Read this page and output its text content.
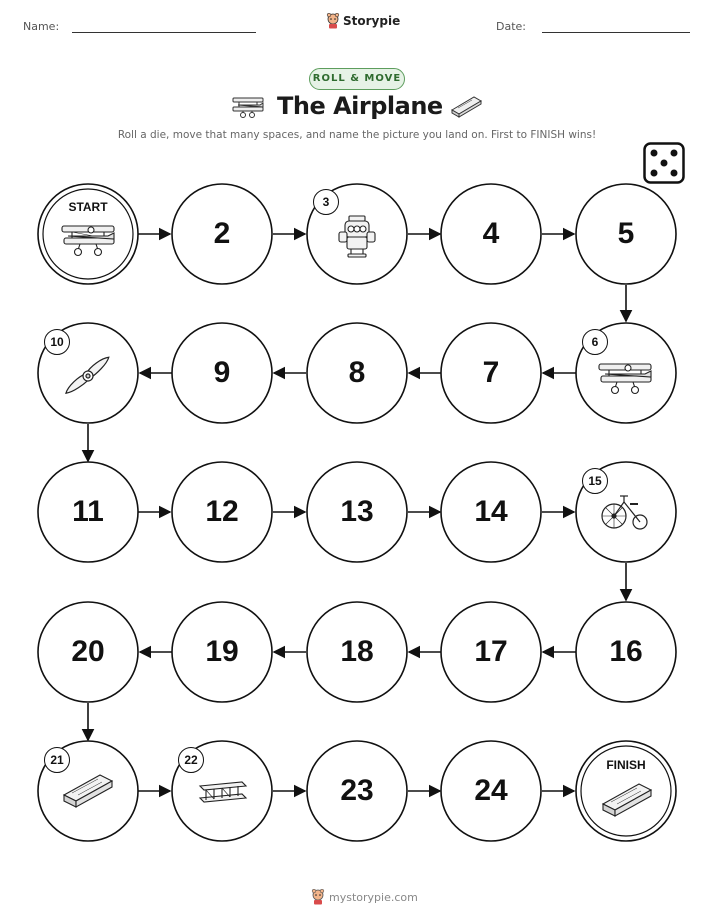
Name:	Storypie	Date:
ROLL & MOVE
The Airplane
Roll a die, move that many spaces, and name the picture you land on. First to FINISH wins!
START
FINISH
2	4	5
9	8	7
11	12	13	14
20	19	18	17	16
23	24
3
6
10
15
21	22
mystorypie.com
